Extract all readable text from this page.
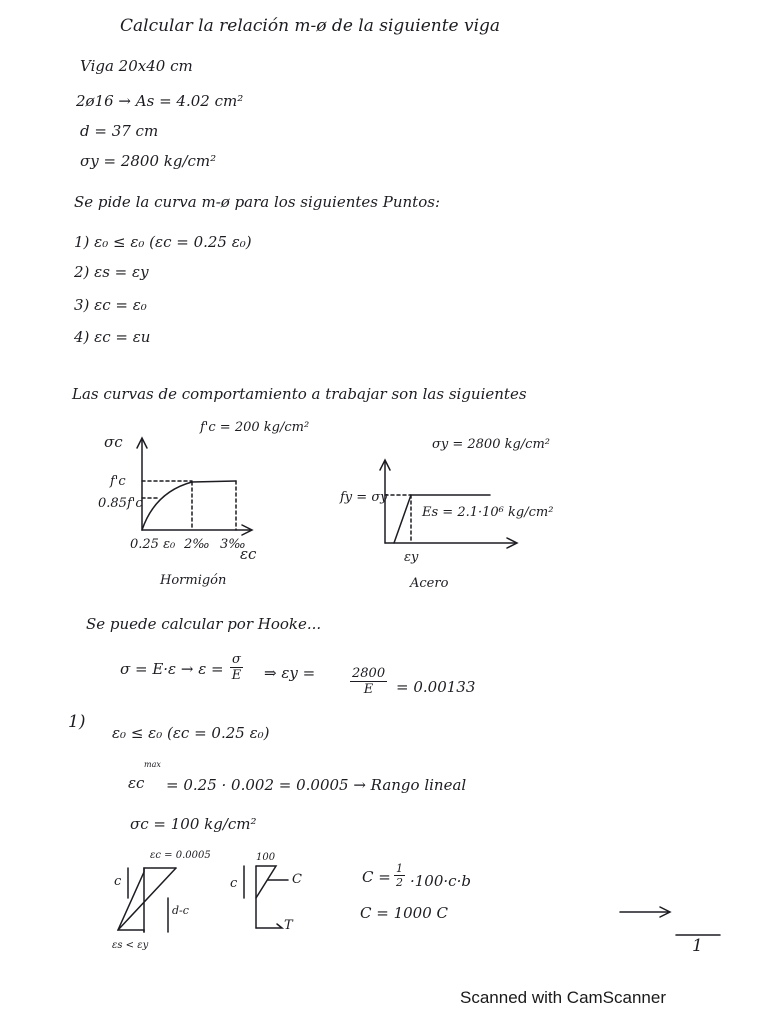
Calcular la relación m-ø de la siguiente viga
Viga 20x40 cm
2ø16 → As = 4.02 cm²
d = 37 cm
σy = 2800 kg/cm²
Se pide la curva m-ø para los siguientes Puntos:
1) ε₀ ≤ ε₀ (εc = 0.25 ε₀)
2) εs = εy
3) εc = ε₀
4) εc = εu
Las curvas de comportamiento a trabajar son las siguientes
f'c = 200 kg/cm²
σc
f'c
0.85f'c
0.25 ε₀ 2‰ 3‰
εc
Hormigón
σy = 2800 kg/cm²
fy = σy
Es = 2.1·10⁶ kg/cm²
εy
Acero
Se puede calcular por Hooke...
$\sigma = E\cdot\varepsilon \to \varepsilon = \frac{\sigma}{E}$ ⇒ εy =	$\frac{2800}{E} = 0.00133$
1)
ε₀ ≤ ε₀ (εc = 0.25 ε₀)
εc
max
= 0.25 · 0.002 = 0.0005 → Rango lineal
σc = 100 kg/cm²
εc = 0.0005
c
d-c
εs < εy
c
100
C
T
$C = \frac{1}{2} \cdot 100\cdot c\cdot b$
C = 1000 C
1
Scanned with CamScanner
